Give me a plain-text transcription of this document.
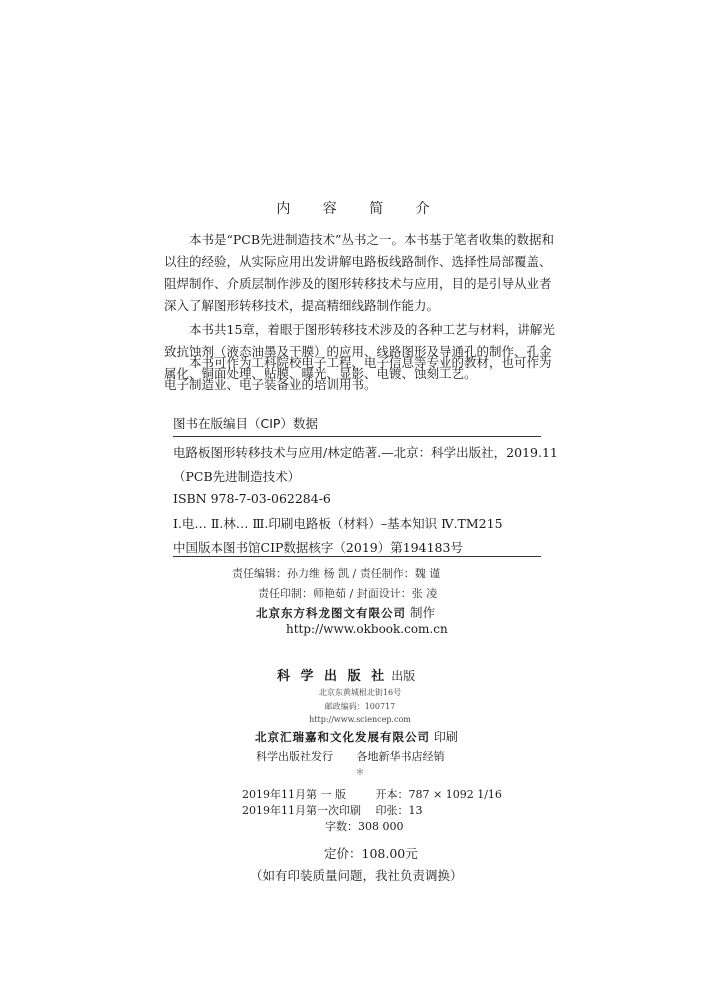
内 容 简 介
本书是“PCB先进制造技术”丛书之一。本书基于笔者收集的数据和
以往的经验，从实际应用出发讲解电路板线路制作、选择性局部覆盖、
阻焊制作、介质层制作涉及的图形转移技术与应用，目的是引导从业者
深入了解图形转移技术，提高精细线路制作能力。
本书共15章，着眼于图形转移技术涉及的各种工艺与材料，讲解光
致抗蚀剂（液态油墨及干膜）的应用、线路图形及导通孔的制作、孔金
属化、铜面处理、贴膜、曝光、显影、电镀、蚀刻工艺。
本书可作为工科院校电子工程、电子信息等专业的教材，也可作为
电子制造业、电子装备业的培训用书。
图书在版编目（CIP）数据
电路板图形转移技术与应用/林定皓著.—北京：科学出版社，2019.11
（PCB先进制造技术）
ISBN 978-7-03-062284-6
Ⅰ.电… Ⅱ.林… Ⅲ.印刷电路板（材料）–基本知识 Ⅳ.TM215
中国版本图书馆CIP数据核字（2019）第194183号
责任编辑：孙力维 杨 凯 / 责任制作：魏 谨
责任印制：师艳茹 / 封面设计：张 凌
北京东方科龙图文有限公司 制作
http://www.okbook.com.cn
科 学 出 版 社 出版
北京东黄城根北街16号
邮政编码：100717
http://www.sciencep.com
北京汇瑞嘉和文化发展有限公司 印刷
科学出版社发行 各地新华书店经销
＊
2019年11月第 一 版	开本：787 × 1092 1/16
2019年11月第一次印刷 印张：13
字数：308 000
定价：108.00元
（如有印装质量问题，我社负责调换）
